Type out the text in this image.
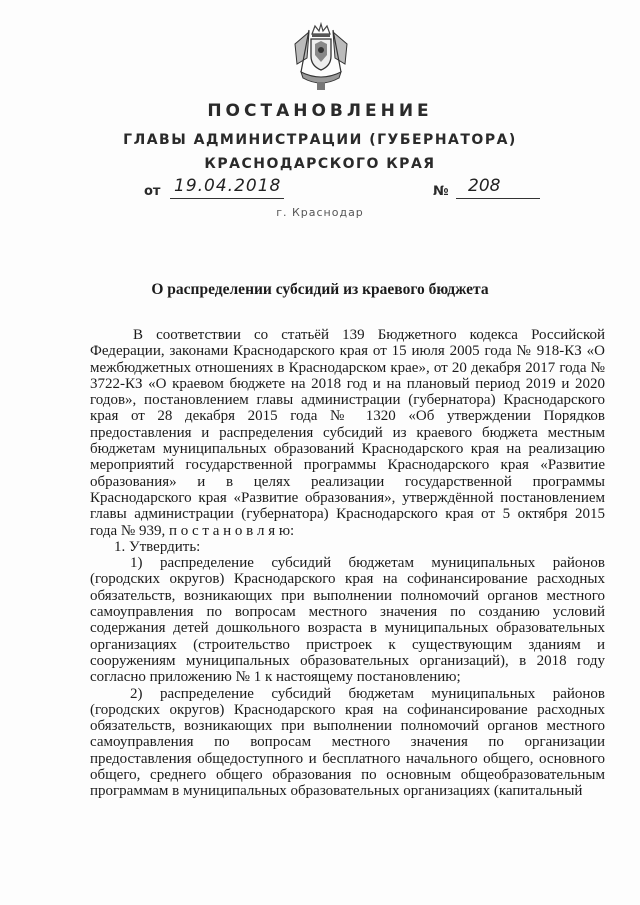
ПОСТАНОВЛЕНИЕ
ГЛАВЫ АДМИНИСТРАЦИИ (ГУБЕРНАТОРА)
КРАСНОДАРСКОГО КРАЯ
от 19.04.2018	№	208
г. Краснодар
О распределении субсидий из краевого бюджета

В соответствии со статьёй 139 Бюджетного кодекса Российской Федерации, законами Краснодарского края от 15 июля 2005 года № 918-КЗ «О межбюджетных отношениях в Краснодарском крае», от 20 декабря 2017 года № 3722-КЗ «О краевом бюджете на 2018 год и на плановый период 2019 и 2020 годов», постановлением главы администрации (губернатора) Краснодарского края от 28 декабря 2015 года № 1320 «Об утверждении Порядков предоставления и распределения субсидий из краевого бюджета местным бюджетам муниципальных образований Краснодарского края на реализацию мероприятий государственной программы Краснодарского края «Развитие образования» и в целях реализации государственной программы Краснодарского края «Развитие образования», утверждённой постановлением главы администрации (губернатора) Краснодарского края от 5 октября 2015 года № 939, п о с т а н о в л я ю:

1. Утвердить:

1) распределение субсидий бюджетам муниципальных районов (городских округов) Краснодарского края на софинансирование расходных обязательств, возникающих при выполнении полномочий органов местного самоуправления по вопросам местного значения по созданию условий содержания детей дошкольного возраста в муниципальных образовательных организациях (строительство пристроек к существующим зданиям и сооружениям муниципальных образовательных организаций), в 2018 году согласно приложению № 1 к настоящему постановлению;

2) распределение субсидий бюджетам муниципальных районов (городских округов) Краснодарского края на софинансирование расходных обязательств, возникающих при выполнении полномочий органов местного самоуправления по вопросам местного значения по организации предоставления общедоступного и бесплатного начального общего, основного общего, среднего общего образования по основным общеобразовательным программам в муниципальных образовательных организациях (капитальный
